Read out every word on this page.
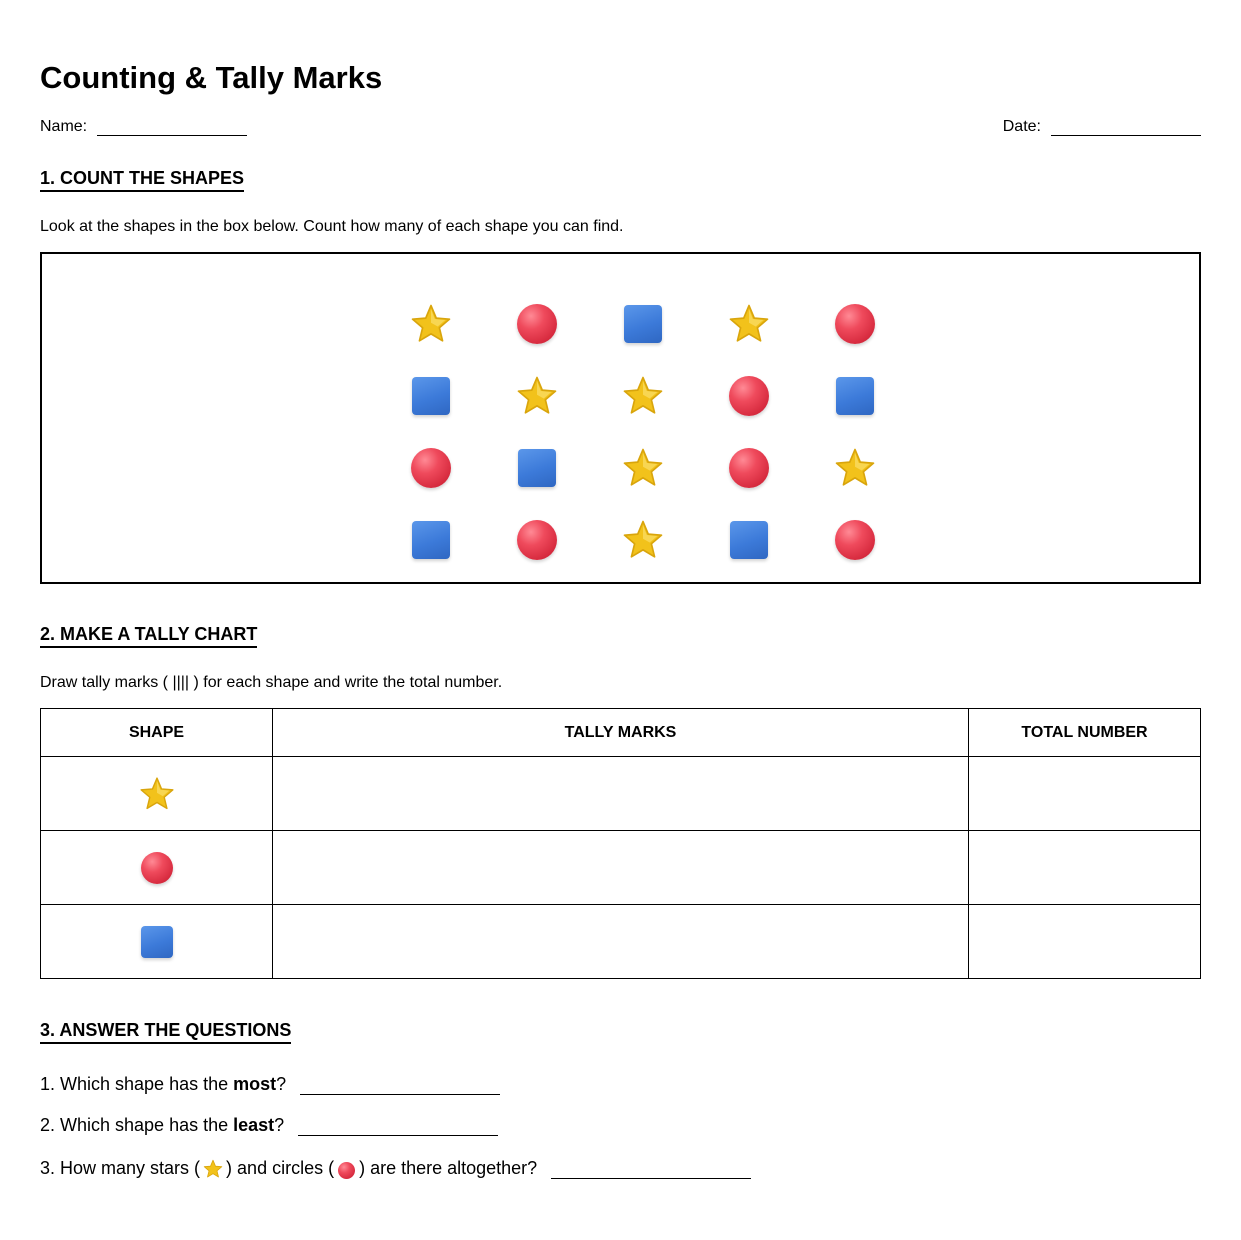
Counting & Tally Marks
Name:	Date:
1. COUNT THE SHAPES
Look at the shapes in the box below. Count how many of each shape you can find.
2. MAKE A TALLY CHART
Draw tally marks ( |||| ) for each shape and write the total number.
SHAPE	TALLY MARKS	TOTAL NUMBER

3. ANSWER THE QUESTIONS
1. Which shape has the
most ?
2. Which shape has the
least ?
3. How many stars ( ) and circles ( ) are there altogether?
